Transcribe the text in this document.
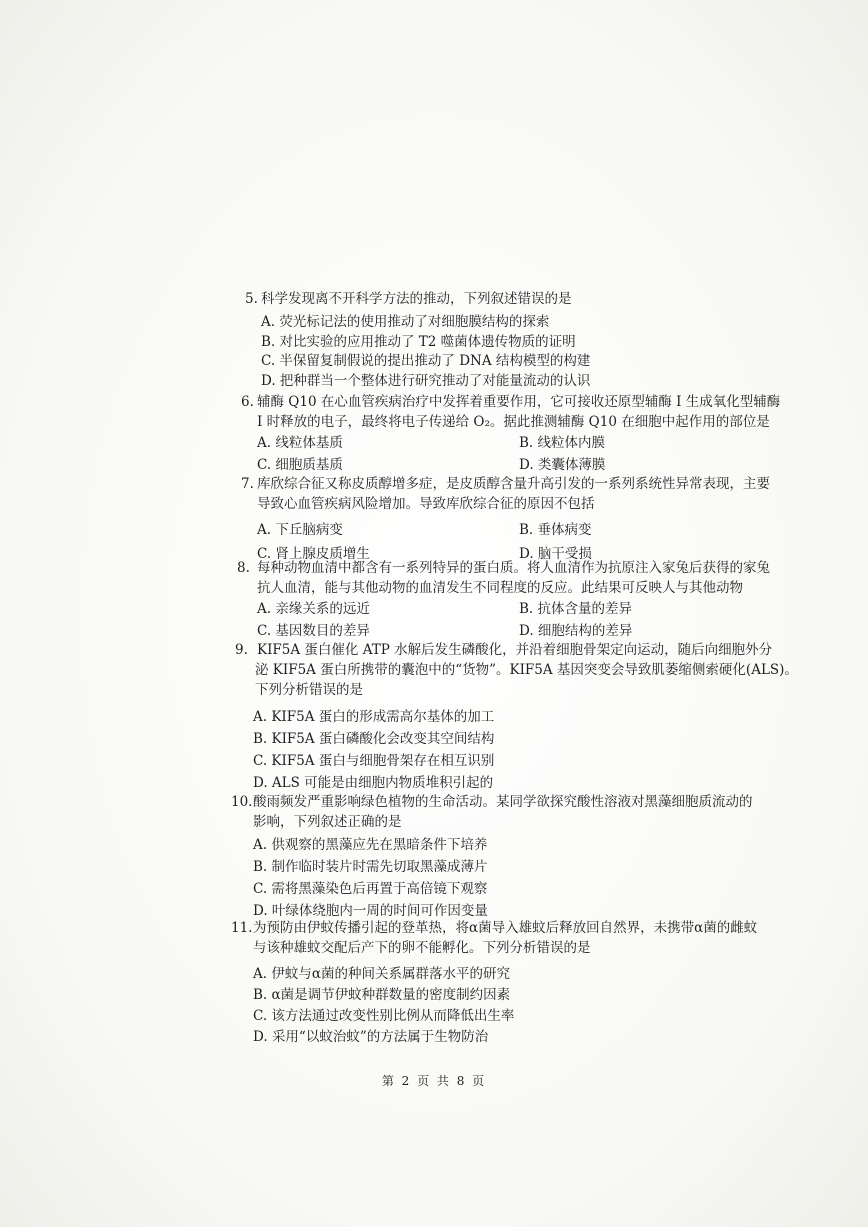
5. 科学发现离不开科学方法的推动，下列叙述错误的是
A. 荧光标记法的使用推动了对细胞膜结构的探索
B. 对比实验的应用推动了 T2 噬菌体遗传物质的证明
C. 半保留复制假说的提出推动了 DNA 结构模型的构建
D. 把种群当一个整体进行研究推动了对能量流动的认识
6. 辅酶 Q10 在心血管疾病治疗中发挥着重要作用，它可接收还原型辅酶 I 生成氧化型辅酶
I 时释放的电子，最终将电子传递给 O₂。据此推测辅酶 Q10 在细胞中起作用的部位是
A. 线粒体基质	B. 线粒体内膜
C. 细胞质基质	D. 类囊体薄膜
7. 库欣综合征又称皮质醇增多症，是皮质醇含量升高引发的一系列系统性异常表现，主要
导致心血管疾病风险增加。导致库欣综合征的原因不包括
A. 下丘脑病变	B. 垂体病变
C. 肾上腺皮质增生	D. 脑干受损
8. 每种动物血清中都含有一系列特异的蛋白质。将人血清作为抗原注入家兔后获得的家兔
抗人血清，能与其他动物的血清发生不同程度的反应。此结果可反映人与其他动物
A. 亲缘关系的远近	B. 抗体含量的差异
C. 基因数目的差异	D. 细胞结构的差异
9. KIF5A 蛋白催化 ATP 水解后发生磷酸化，并沿着细胞骨架定向运动，随后向细胞外分
泌 KIF5A 蛋白所携带的囊泡中的“货物”。KIF5A 基因突变会导致肌萎缩侧索硬化(ALS)。
下列分析错误的是
A. KIF5A 蛋白的形成需高尔基体的加工
B. KIF5A 蛋白磷酸化会改变其空间结构
C. KIF5A 蛋白与细胞骨架存在相互识别
D. ALS 可能是由细胞内物质堆积引起的
10.酸雨频发严重影响绿色植物的生命活动。某同学欲探究酸性溶液对黑藻细胞质流动的
影响，下列叙述正确的是
A. 供观察的黑藻应先在黑暗条件下培养
B. 制作临时装片时需先切取黑藻成薄片
C. 需将黑藻染色后再置于高倍镜下观察
D. 叶绿体绕胞内一周的时间可作因变量
11.为预防由伊蚊传播引起的登革热，将α菌导入雄蚊后释放回自然界，未携带α菌的雌蚊
与该种雄蚊交配后产下的卵不能孵化。下列分析错误的是
A. 伊蚊与α菌的种间关系属群落水平的研究
B. α菌是调节伊蚊种群数量的密度制约因素
C. 该方法通过改变性别比例从而降低出生率
D. 采用“以蚊治蚊”的方法属于生物防治
第 2 页 共 8 页
